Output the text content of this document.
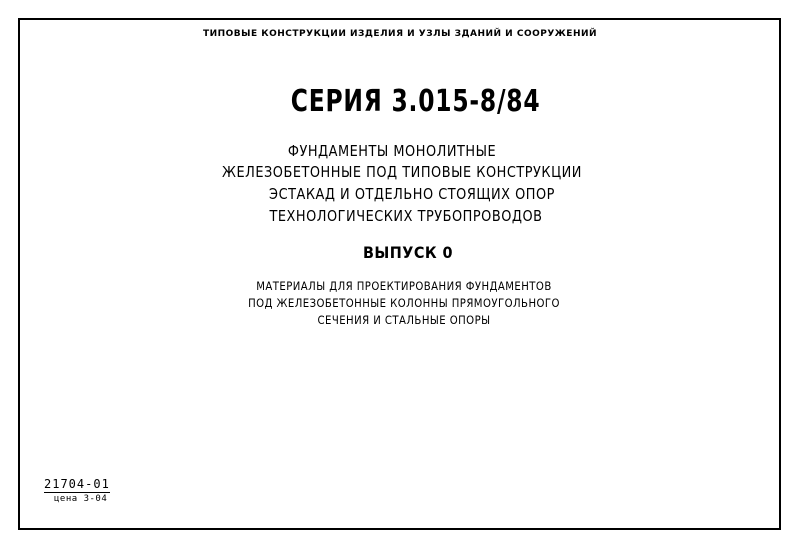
ТИПОВЫЕ КОНСТРУКЦИИ ИЗДЕЛИЯ И УЗЛЫ ЗДАНИЙ И СООРУЖЕНИЙ
СЕРИЯ 3.015-8/84
ФУНДАМЕНТЫ МОНОЛИТНЫЕ
ЖЕЛЕЗОБЕТОННЫЕ ПОД ТИПОВЫЕ КОНСТРУКЦИИ
ЭСТАКАД И ОТДЕЛЬНО СТОЯЩИХ ОПОР
ТЕХНОЛОГИЧЕСКИХ ТРУБОПРОВОДОВ
ВЫПУСК 0
МАТЕРИАЛЫ ДЛЯ ПРОЕКТИРОВАНИЯ ФУНДАМЕНТОВ
ПОД ЖЕЛЕЗОБЕТОННЫЕ КОЛОННЫ ПРЯМОУГОЛЬНОГО
СЕЧЕНИЯ И СТАЛЬНЫЕ ОПОРЫ
21704-01
цена 3-04
